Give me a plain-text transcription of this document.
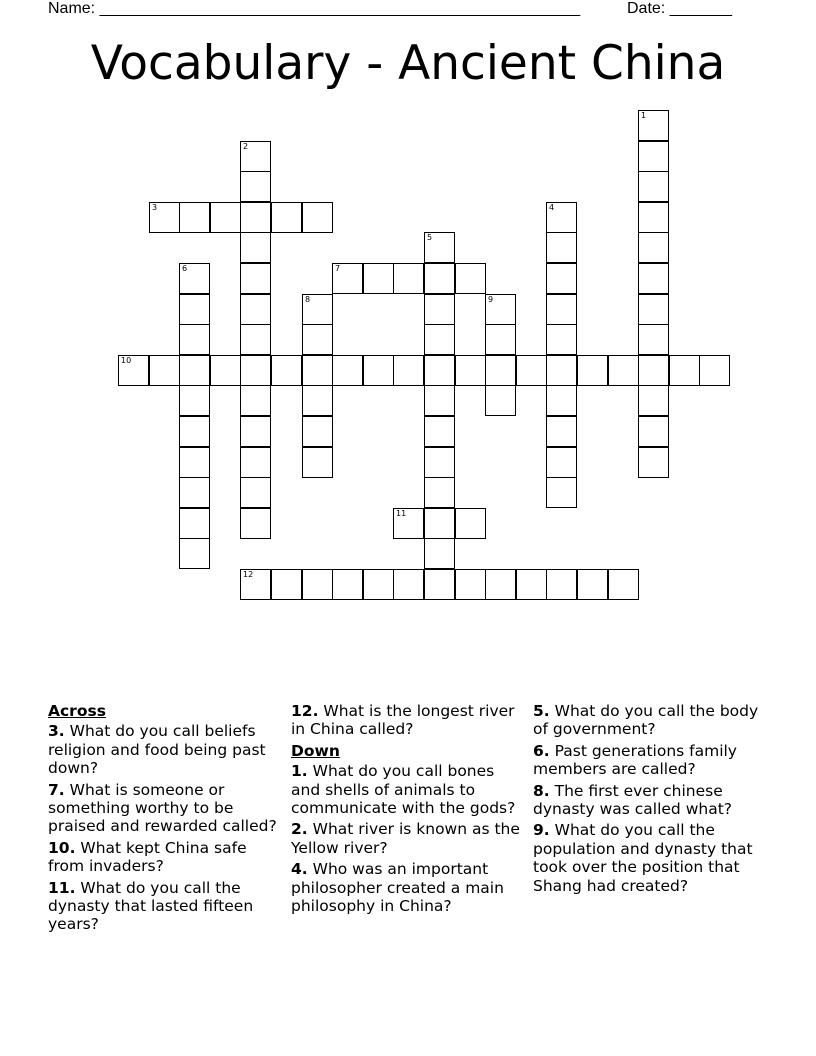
Name: ______________________________________________________	Date: _______
Vocabulary - Ancient China
1
2
3	4
5
6	7
8	9
10
11
12

Across

3. What do you call beliefs religion and food being past down?

7. What is someone or something worthy to be praised and rewarded called?

10. What kept China safe from invaders?

11. What do you call the dynasty that lasted fifteen years?

12. What is the longest river in China called?

Down

1. What do you call bones and shells of animals to communicate with the gods?

2. What river is known as the Yellow river?

4. Who was an important philosopher created a main philosophy in China?

5. What do you call the body of government?

6. Past generations family members are called?

8. The first ever chinese dynasty was called what?

9. What do you call the population and dynasty that took over the position that Shang had created?
